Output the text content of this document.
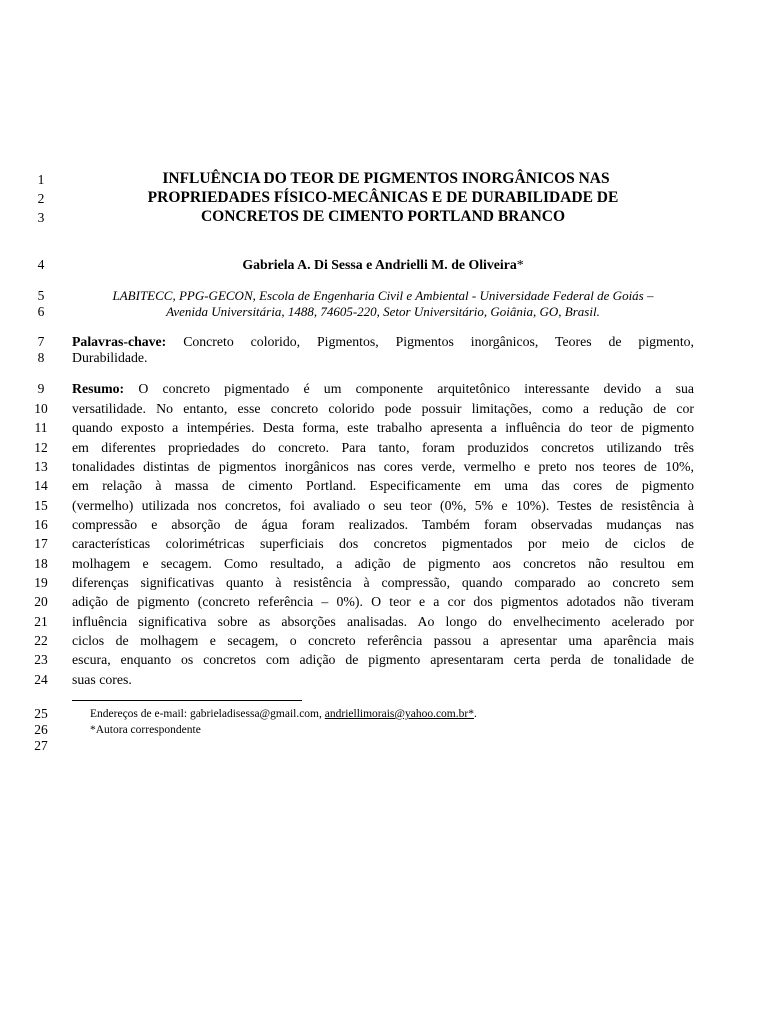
1
2
3
4
5
6
7
8
9
10
11
12
13
14
15
16
17
18
19
20
21
22
23
24
25
26
27
INFLUÊNCIA DO TEOR DE PIGMENTOS INORGÂNICOS NAS
PROPRIEDADES FÍSICO-MECÂNICAS E DE DURABILIDADE DE
CONCRETOS DE CIMENTO PORTLAND BRANCO
Gabriela A. Di Sessa e Andrielli M. de Oliveira*
LABITECC, PPG-GECON, Escola de Engenharia Civil e Ambiental - Universidade Federal de Goiás –
Avenida Universitária, 1488, 74605-220, Setor Universitário, Goiânia, GO, Brasil.
Palavras-chave: Concreto colorido, Pigmentos, Pigmentos inorgânicos, Teores de pigmento,
Durabilidade.
Resumo: O concreto pigmentado é um componente arquitetônico interessante devido a sua
versatilidade. No entanto, esse concreto colorido pode possuir limitações, como a redução de cor
quando exposto a intempéries. Desta forma, este trabalho apresenta a influência do teor de pigmento
em diferentes propriedades do concreto. Para tanto, foram produzidos concretos utilizando três
tonalidades distintas de pigmentos inorgânicos nas cores verde, vermelho e preto nos teores de 10%,
em relação à massa de cimento Portland. Especificamente em uma das cores de pigmento
(vermelho) utilizada nos concretos, foi avaliado o seu teor (0%, 5% e 10%). Testes de resistência à
compressão e absorção de água foram realizados. Também foram observadas mudanças nas
características colorimétricas superficiais dos concretos pigmentados por meio de ciclos de
molhagem e secagem. Como resultado, a adição de pigmento aos concretos não resultou em
diferenças significativas quanto à resistência à compressão, quando comparado ao concreto sem
adição de pigmento (concreto referência – 0%). O teor e a cor dos pigmentos adotados não tiveram
influência significativa sobre as absorções analisadas. Ao longo do envelhecimento acelerado por
ciclos de molhagem e secagem, o concreto referência passou a apresentar uma aparência mais
escura, enquanto os concretos com adição de pigmento apresentaram certa perda de tonalidade de
suas cores.
Endereços de e-mail: gabrieladisessa@gmail.com, andriellimorais@yahoo.com.br*.
*Autora correspondente
